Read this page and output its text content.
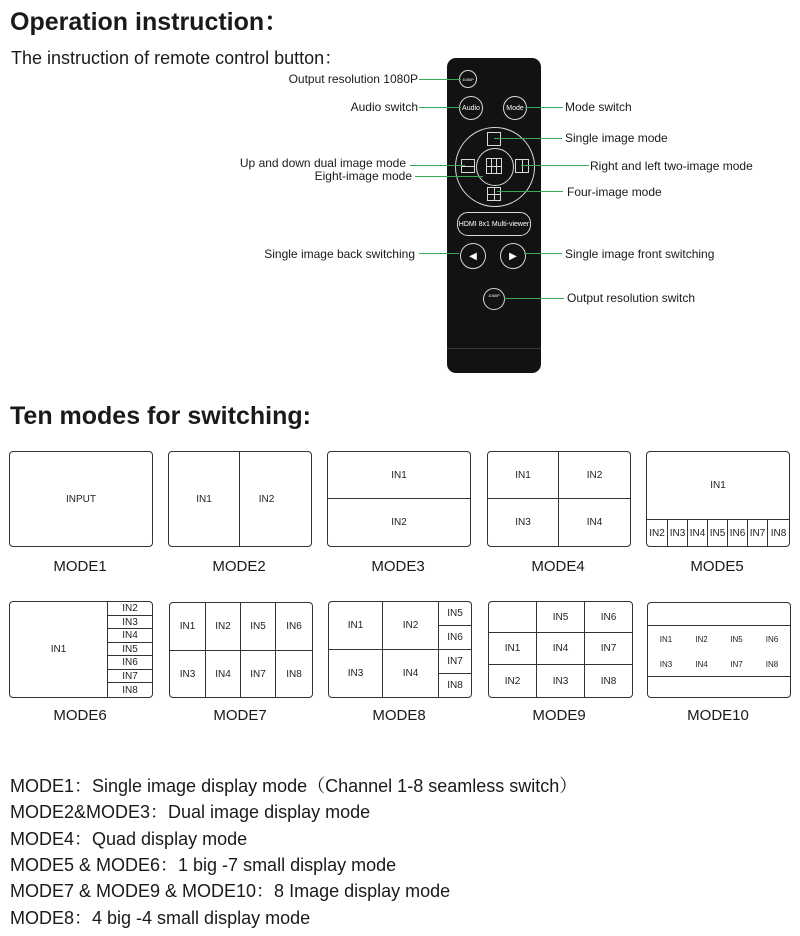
Operation instruction：
The instruction of remote control button：
1080P
Audio	Mode
HDMI 8x1 Multi-viewer
◀	▶
1080P
Output resolution 1080P
Audio switch	Mode switch
Single image mode
Up and down dual image mode
Eight-image mode
Right and left two-image mode
Four-image mode
Single image back switching	Single image front switching
Output resolution switch
Ten modes for switching:
INPUT	IN1	IN2
IN1
IN2
IN1	IN2
IN3	IN4
IN1
IN2 IN3 IN4 IN5 IN6 IN7 IN8
MODE1	MODE2	MODE3	MODE4	MODE5
IN1
IN2
IN3
IN4
IN5
IN6
IN7
IN8
IN1	IN2	IN5	IN6
IN3	IN4	IN7	IN8
IN1	IN2
IN3	IN4
IN5
IN6
IN7
IN8
IN5	IN6
IN1	IN4	IN7
IN2	IN3	IN8
IN1	IN2	IN5	IN6
IN3	IN4	IN7	IN8
MODE6	MODE7	MODE8	MODE9	MODE10
MODE1：Single image display mode（Channel 1-8 seamless switch）
MODE2&MODE3：Dual image display mode
MODE4：Quad display mode
MODE5 & MODE6：1 big -7 small display mode
MODE7 & MODE9 & MODE10：8 Image display mode
MODE8：4 big -4 small display mode
